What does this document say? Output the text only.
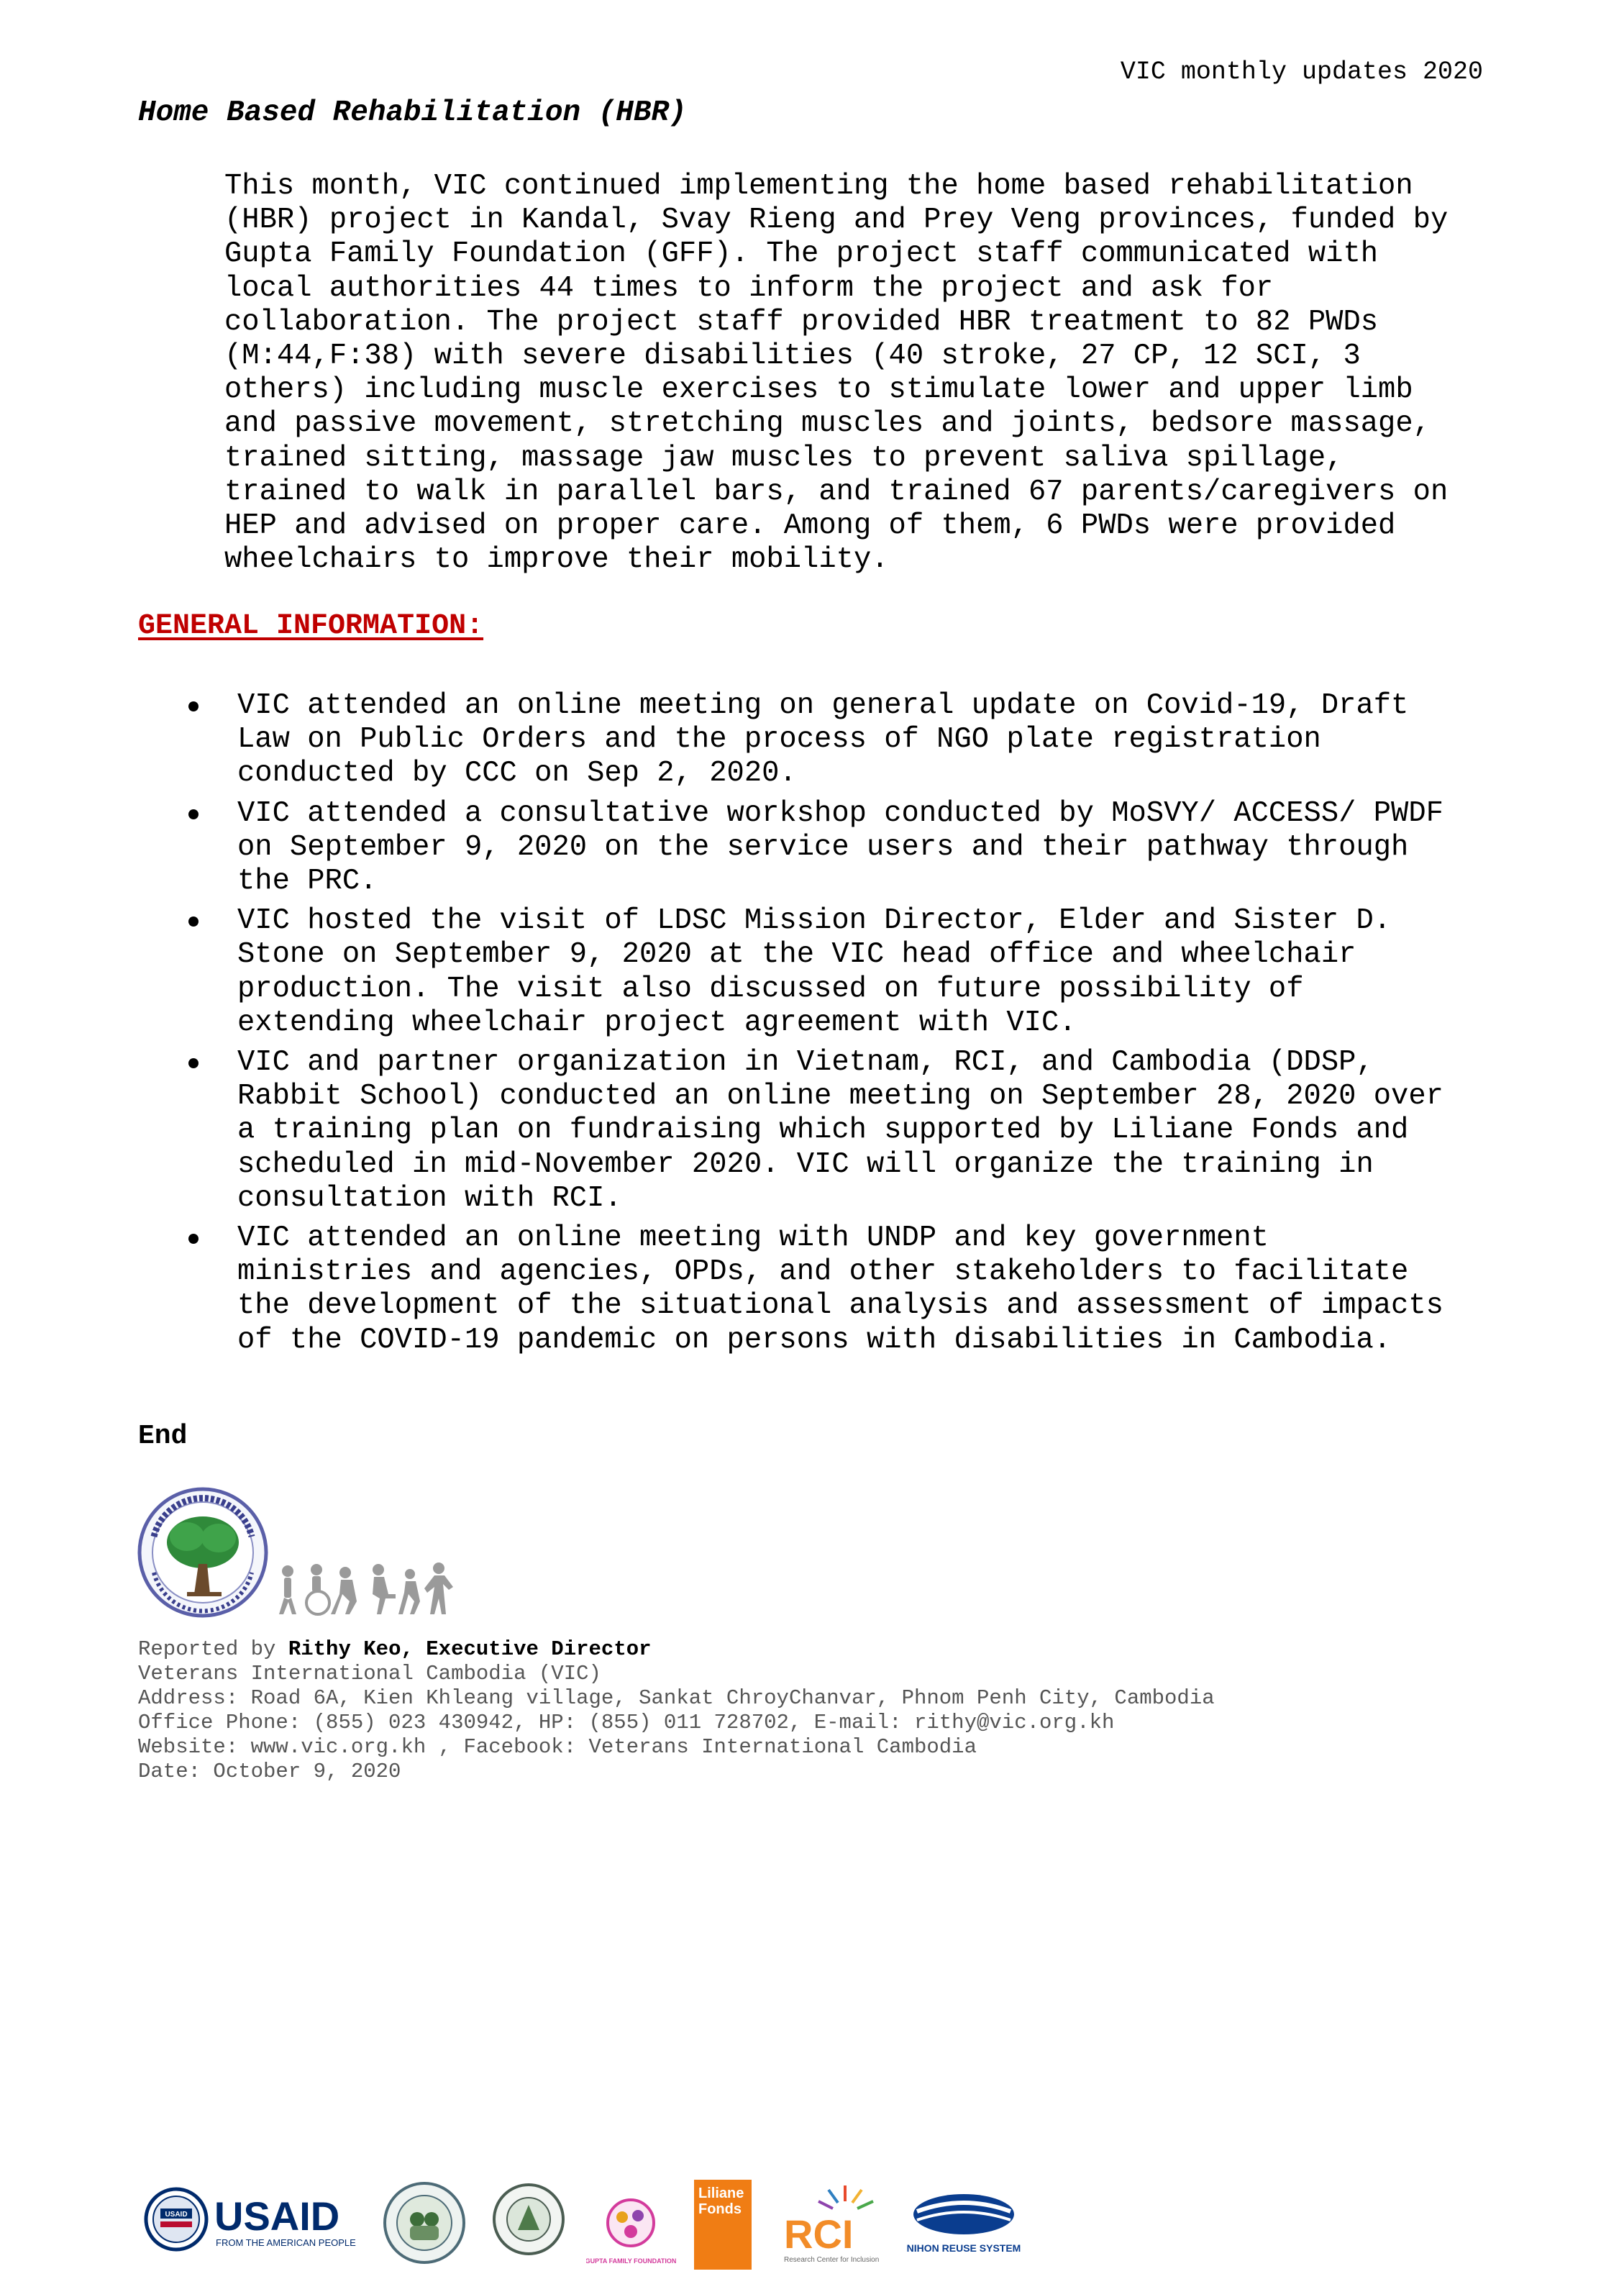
VIC monthly updates 2020
Home Based Rehabilitation (HBR)

This month, VIC continued implementing the home based rehabilitation

(HBR) project in Kandal, Svay Rieng and Prey Veng provinces, funded by

Gupta Family Foundation (GFF). The project staff communicated with

local authorities 44 times to inform the project and ask for

collaboration. The project staff provided HBR treatment to 82 PWDs

(M:44,F:38) with severe disabilities (40 stroke, 27 CP, 12 SCI, 3

others) including muscle exercises to stimulate lower and upper limb

and passive movement, stretching muscles and joints, bedsore massage,

trained sitting, massage jaw muscles to prevent saliva spillage,

trained to walk in parallel bars, and trained 67 parents/caregivers on

HEP and advised on proper care. Among of them, 6 PWDs were provided

wheelchairs to improve their mobility.

GENERAL INFORMATION:
VIC attended an online meeting on general update on Covid-19, Draft
Law on Public Orders and the process of NGO plate registration
conducted by CCC on Sep 2, 2020.
VIC attended a consultative workshop conducted by MoSVY/ ACCESS/ PWDF
on September 9, 2020 on the service users and their pathway through
the PRC.
VIC hosted the visit of LDSC Mission Director, Elder and Sister D.
Stone on September 9, 2020 at the VIC head office and wheelchair
production. The visit also discussed on future possibility of
extending wheelchair project agreement with VIC.
VIC and partner organization in Vietnam, RCI, and Cambodia (DDSP,
Rabbit School) conducted an online meeting on September 28, 2020 over
a training plan on fundraising which supported by Liliane Fonds and
scheduled in mid-November 2020. VIC will organize the training in
consultation with RCI.
VIC attended an online meeting with UNDP and key government
ministries and agencies, OPDs, and other stakeholders to facilitate
the development of the situational analysis and assessment of impacts
of the COVID-19 pandemic on persons with disabilities in Cambodia.
End
Reported by Rithy Keo, Executive Director
Veterans International Cambodia (VIC)
Address: Road 6A, Kien Khleang village, Sankat ChroyChanvar, Phnom Penh City, Cambodia
Office Phone: (855) 023 430942, HP: (855) 011 728702, E-mail: rithy@vic.org.kh
Website: www.vic.org.kh , Facebook: Veterans International Cambodia
Date: October 9, 2020
USAID USAID
FROM THE AMERICAN PEOPLE
GUPTA FAMILY FOUNDATION
Liliane
Fonds
RCI
Research Center for Inclusion
NIHON REUSE SYSTEM
